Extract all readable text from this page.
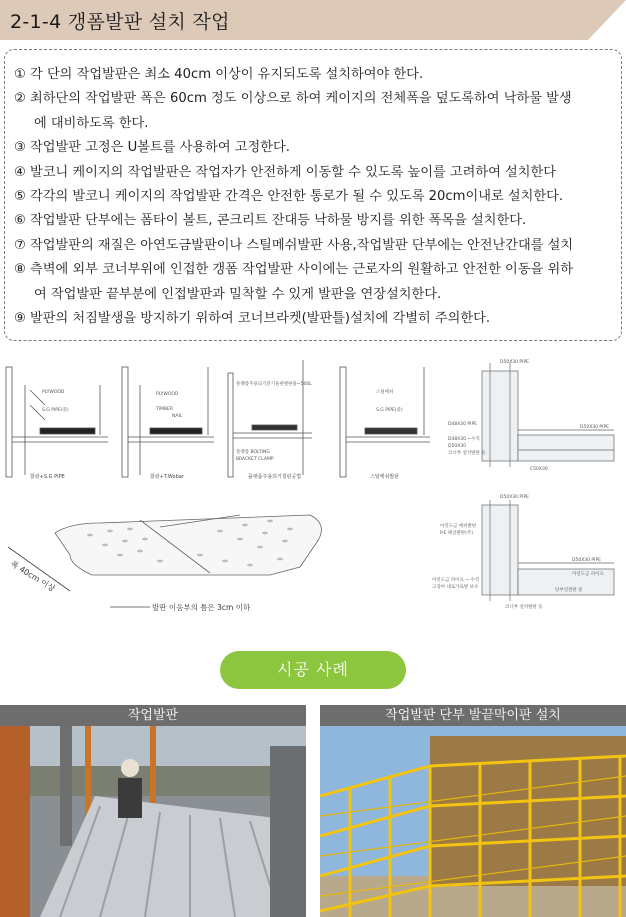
2-1-4 갱폼발판 설치 작업
① 각 단의 작업발판은 최소 40cm 이상이 유지되도록 설치하여야 한다.
② 최하단의 작업발판 폭은 60cm 정도 이상으로 하여 케이지의 전체폭을 덮도록하여 낙하물 발생
에 대비하도록 한다.
③ 작업발판 고정은 U볼트를 사용하여 고정한다.
④ 발코니 케이지의 작업발판은 작업자가 안전하게 이동할 수 있도록 높이를 고려하여 설치한다
⑤ 각각의 발코니 케이지의 작업발판 간격은 안전한 통로가 될 수 있도록 20cm이내로 설치한다.
⑥ 작업발판 단부에는 폼타이 볼트, 콘크리트 잔대등 낙하물 방지를 위한 폭목을 설치한다.
⑦ 작업발판의 재질은 아연도금발판이나 스틸메쉬발판 사용,작업발판 단부에는 안전난간대를 설치
⑧ 측벽에 외부 코너부위에 인접한 갱폼 작업발판 사이에는 근로자의 원활하고 안전한 이동을 위하
여 작업발판 끝부분에 인접발판과 밀착할 수 있게 발판을 연장설치한다.
⑨ 발판의 처짐발생을 방지하기 위하여 코너브라켓(발판틀)설치에 각별히 주의한다.
PLYWOOD
S.G PIPE(중)
합판+S.G PIPE
PLYWOOD
TIMBER
NAIL
합판+T.Wobar
플랫폼주용되기분기울판발판용~500L
플랫폼 BOLTING
BRACKET CLAMP
플랫폼주용되기철판공법
스틸메쉬
S.G PIPE(중)
스틸메쉬발판
D50X30 PIPE
D48X30 PIPE
D50X30 PIPE
D48X30 ~수직
D50X30
코너부 설치발판 등
C50X30
D50X30 PIPE
아연도금 매쉬발판
P.E 패널발판(주)
D50X30 PIPE
아연도금 파이프 ~ 수직
고장아 내로가로발 보수
아연도금 파이프
단부연결판 분
코너부 설치발판 등
폭 40cm 이상
발판 이음부의 틈은 3cm 이하
시공 사례
작업발판	작업발판 단부 발끝막이판 설치
